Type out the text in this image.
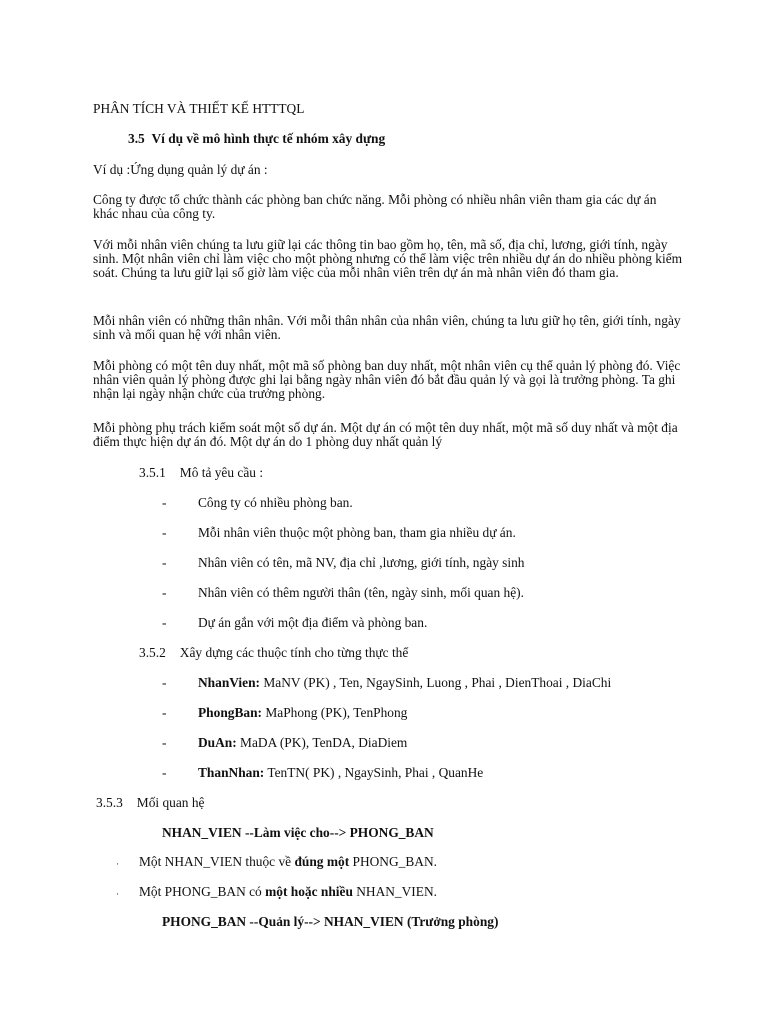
PHÂN TÍCH VÀ THIẾT KẾ HTTTQL
3.5 Ví dụ về mô hình thực tế nhóm xây dựng
Ví dụ :Ứng dụng quản lý dự án :
Công ty được tổ chức thành các phòng ban chức năng. Mỗi phòng có nhiều nhân viên tham gia các dự án khác nhau của công ty.
Với mỗi nhân viên chúng ta lưu giữ lại các thông tin bao gồm họ, tên, mã số, địa chỉ, lương, giới tính, ngày sinh. Một nhân viên chỉ làm việc cho một phòng nhưng có thể làm việc trên nhiều dự án do nhiều phòng kiểm soát. Chúng ta lưu giữ lại số giờ làm việc của mỗi nhân viên trên dự án mà nhân viên đó tham gia.
Mỗi nhân viên có những thân nhân. Với mỗi thân nhân của nhân viên, chúng ta lưu giữ họ tên, giới tính, ngày sinh và mối quan hệ với nhân viên.
Mỗi phòng có một tên duy nhất, một mã số phòng ban duy nhất, một nhân viên cụ thể quản lý phòng đó. Việc nhân viên quản lý phòng được ghi lại bằng ngày nhân viên đó bắt đầu quản lý và gọi là trưởng phòng. Ta ghi nhận lại ngày nhận chức của trưởng phòng.
Mỗi phòng phụ trách kiểm soát một số dự án. Một dự án có một tên duy nhất, một mã số duy nhất và một địa điểm thực hiện dự án đó. Một dự án do 1 phòng duy nhất quản lý
3.5.1 Mô tả yêu cầu :
- Công ty có nhiều phòng ban.
- Mỗi nhân viên thuộc một phòng ban, tham gia nhiều dự án.
- Nhân viên có tên, mã NV, địa chỉ ,lương, giới tính, ngày sinh
- Nhân viên có thêm người thân (tên, ngày sinh, mối quan hệ).
- Dự án gắn với một địa điểm và phòng ban.
3.5.2 Xây dựng các thuộc tính cho từng thực thể
- NhanVien: MaNV (PK) , Ten, NgaySinh, Luong , Phai , DienThoai , DiaChi
- PhongBan: MaPhong (PK), TenPhong
- DuAn: MaDA (PK), TenDA, DiaDiem
- ThanNhan: TenTN( PK) , NgaySinh, Phai , QuanHe
3.5.3 Mối quan hệ
NHAN_VIEN --Làm việc cho--> PHONG_BAN
· Một NHAN_VIEN thuộc về đúng một PHONG_BAN.
· Một PHONG_BAN có một hoặc nhiều NHAN_VIEN.
PHONG_BAN --Quản lý--> NHAN_VIEN (Trưởng phòng)
